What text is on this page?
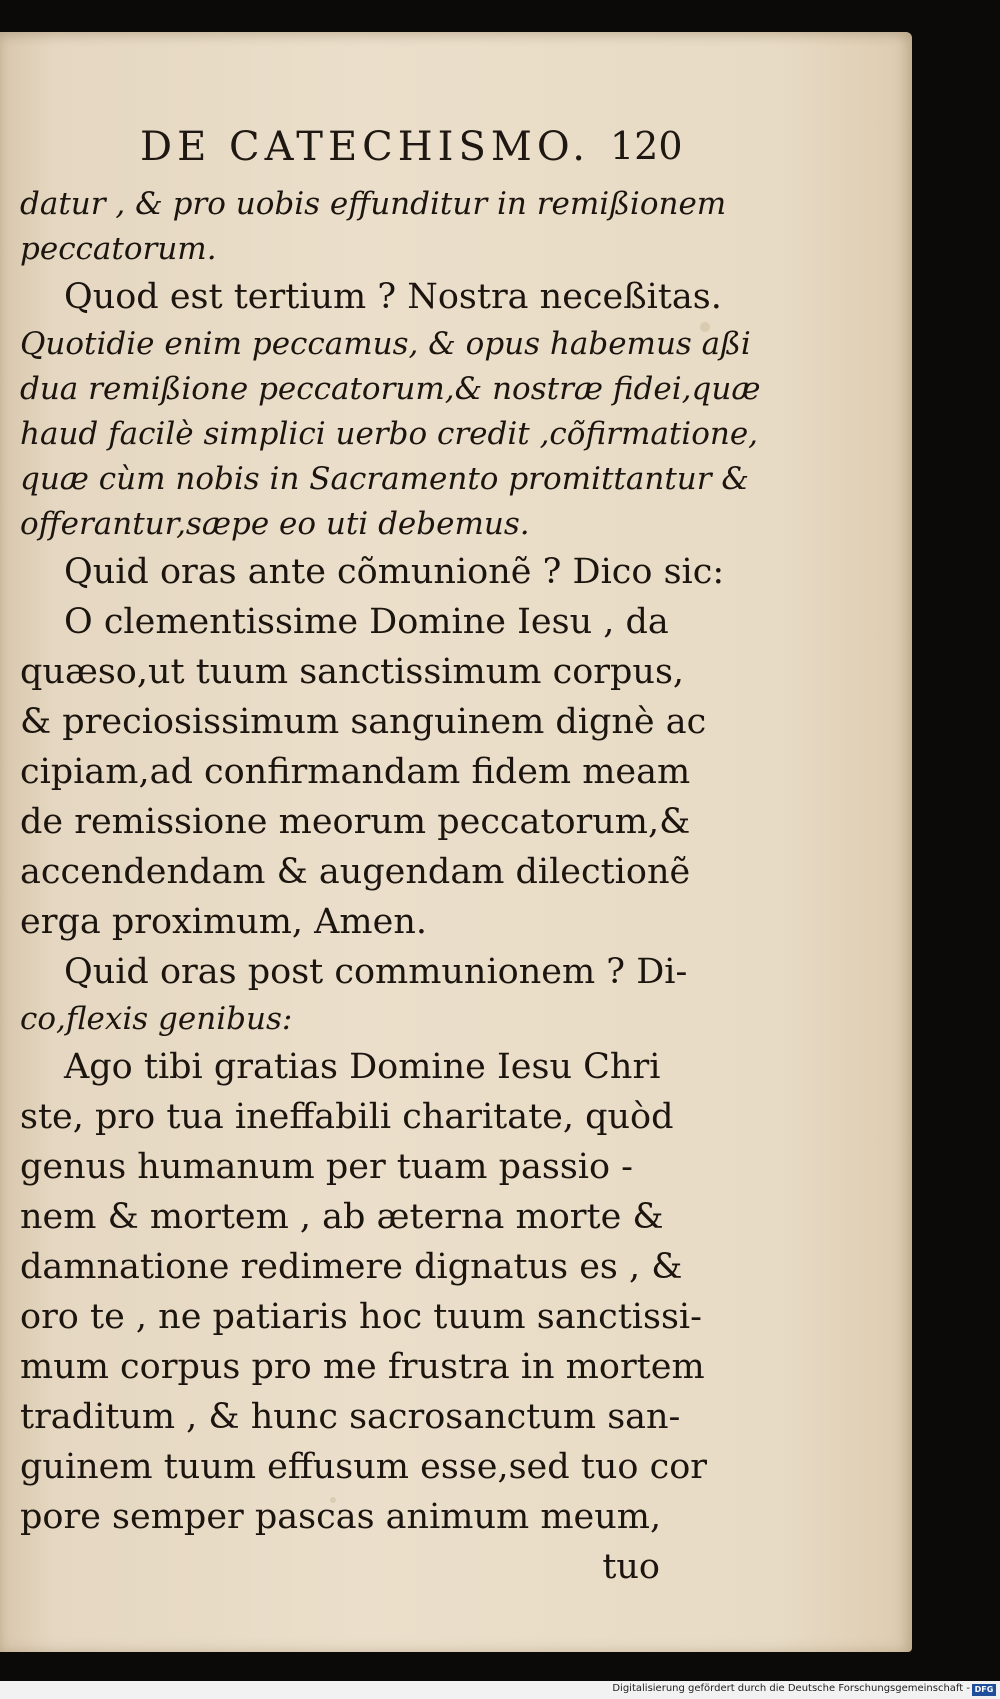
DE CATECHISMO. 120
datur , & pro uobis effunditur in remißionem
peccatorum.
Quod est tertium ? Nostra neceßitas.
Quotidie enim peccamus, & opus habemus aßi
dua remißione peccatorum,& nostræ fidei,quæ
haud facilè simplici uerbo credit ,cõfirmatione,
quæ cùm nobis in Sacramento promittantur &
offerantur,sæpe eo uti debemus.
Quid oras ante cõmunionẽ ? Dico sic:
O clementissime Domine Iesu , da
quæso,ut tuum sanctissimum corpus,
& preciosissimum sanguinem dignè ac
cipiam,ad confirmandam fidem meam
de remissione meorum peccatorum,&
accendendam & augendam dilectionẽ
erga proximum, Amen.
Quid oras post communionem ? Di-
co,flexis genibus:
Ago tibi gratias Domine Iesu Chri
ste, pro tua ineffabili charitate, quòd
genus humanum per tuam passio -
nem & mortem , ab æterna morte &
damnatione redimere dignatus es , &
oro te , ne patiaris hoc tuum sanctissi-
mum corpus pro me frustra in mortem
traditum , & hunc sacrosanctum san-
guinem tuum effusum esse,sed tuo cor
pore semper pascas animum meum,
tuo
Digitalisierung gefördert durch die Deutsche Forschungsgemeinschaft - DFG
